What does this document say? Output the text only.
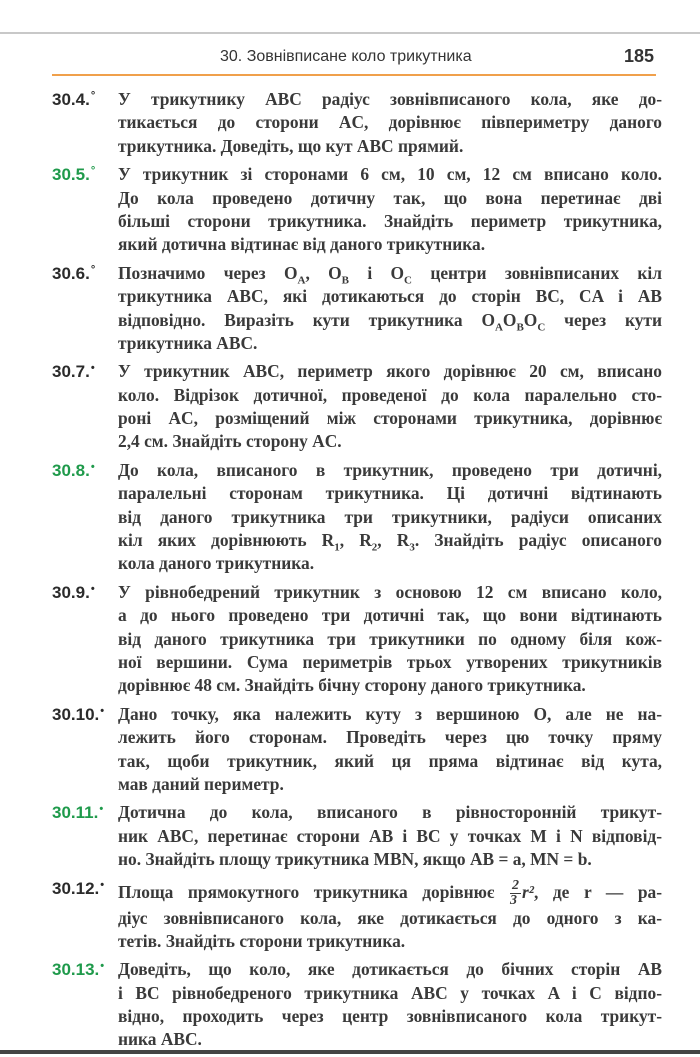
30. Зовнівписане коло трикутника	185
30.4.° У трикутнику ABC радіус зовнівписаного кола, яке до-
тикається до сторони AC, дорівнює півпериметру даного
трикутника. Доведіть, що кут ABC прямий.
30.5.° У трикутник зі сторонами 6 см, 10 см, 12 см вписано коло.
До кола проведено дотичну так, що вона перетинає дві
більші сторони трикутника. Знайдіть периметр трикутника,
який дотична відтинає від даного трикутника.
30.6.° Позначимо через $O_A$, $O_B$ і $O_C$ центри зовнівписаних кіл
трикутника ABC, які дотикаються до сторін BC, CA і AB
відповідно. Виразіть кути трикутника $O_AO_BO_C$ через кути
трикутника ABC.
30.7.• У трикутник ABC, периметр якого дорівнює 20 см, вписано
коло. Відрізок дотичної, проведеної до кола паралельно сто-
роні AC, розміщений між сторонами трикутника, дорівнює
2,4 см. Знайдіть сторону AC.
30.8.• До кола, вписаного в трикутник, проведено три дотичні,
паралельні сторонам трикутника. Ці дотичні відтинають
від даного трикутника три трикутники, радіуси описаних
кіл яких дорівнюють $R_1$, $R_2$, $R_3$. Знайдіть радіус описаного
кола даного трикутника.
30.9.• У рівнобедрений трикутник з основою 12 см вписано коло,
а до нього проведено три дотичні так, що вони відтинають
від даного трикутника три трикутники по одному біля кож-
ної вершини. Сума периметрів трьох утворених трикутників
дорівнює 48 см. Знайдіть бічну сторону даного трикутника.
30.10.• Дано точку, яка належить куту з вершиною O, але не на-
лежить його сторонам. Проведіть через цю точку пряму
так, щоби трикутник, який ця пряма відтинає від кута,
мав даний периметр.
30.11.• Дотична до кола, вписаного в рівносторонній трикут-
ник ABC, перетинає сторони AB і BC у точках M і N відповід-
но. Знайдіть площу трикутника MBN, якщо AB = a, MN = b.
30.12.• Площа прямокутного трикутника дорівнює $\frac{2}{3} r^2$, де r — ра-
діус зовнівписаного кола, яке дотикається до одного з ка-
тетів. Знайдіть сторони трикутника.
30.13.• Доведіть, що коло, яке дотикається до бічних сторін AB
і BC рівнобедреного трикутника ABC у точках A і C відпо-
відно, проходить через центр зовнівписаного кола трикут-
ника ABC.
